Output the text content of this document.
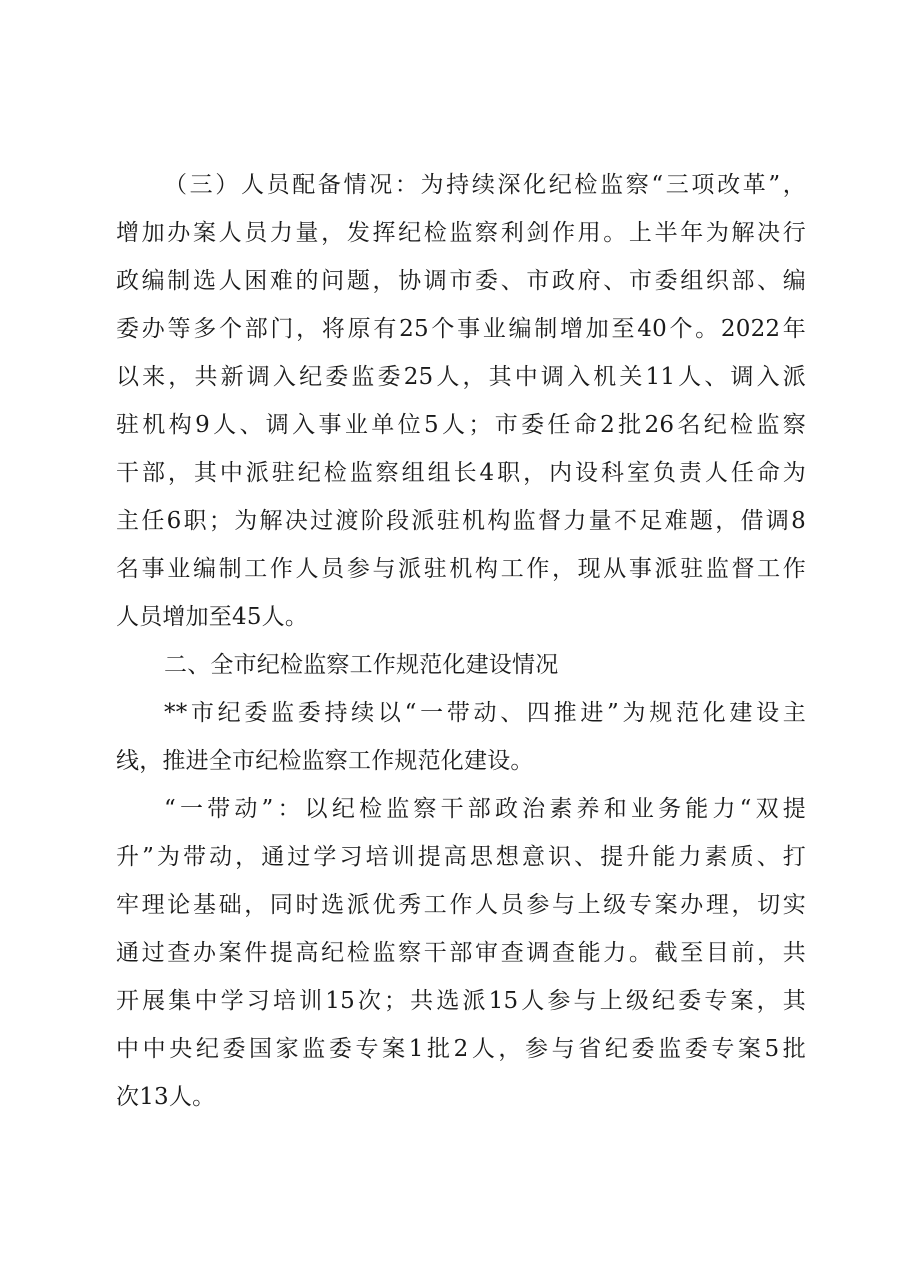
（三）人员配备情况：为持续深化纪检监察“三项改革”，
增加办案人员力量，发挥纪检监察利剑作用。上半年为解决行
政编制选人困难的问题，协调市委、市政府、市委组织部、编
委办等多个部门，将原有25个事业编制增加至40个。2022年
以来，共新调入纪委监委25人，其中调入机关11人、调入派
驻机构9人、调入事业单位5人；市委任命2批26名纪检监察
干部，其中派驻纪检监察组组长4职，内设科室负责人任命为
主任6职；为解决过渡阶段派驻机构监督力量不足难题，借调8
名事业编制工作人员参与派驻机构工作，现从事派驻监督工作
人员增加至45人。
二、全市纪检监察工作规范化建设情况
**市纪委监委持续以“一带动、四推进”为规范化建设主
线，推进全市纪检监察工作规范化建设。
“一带动”：以纪检监察干部政治素养和业务能力“双提
升”为带动，通过学习培训提高思想意识、提升能力素质、打
牢理论基础，同时选派优秀工作人员参与上级专案办理，切实
通过查办案件提高纪检监察干部审查调查能力。截至目前，共
开展集中学习培训15次；共选派15人参与上级纪委专案，其
中中央纪委国家监委专案1批2人，参与省纪委监委专案5批
次13人。
